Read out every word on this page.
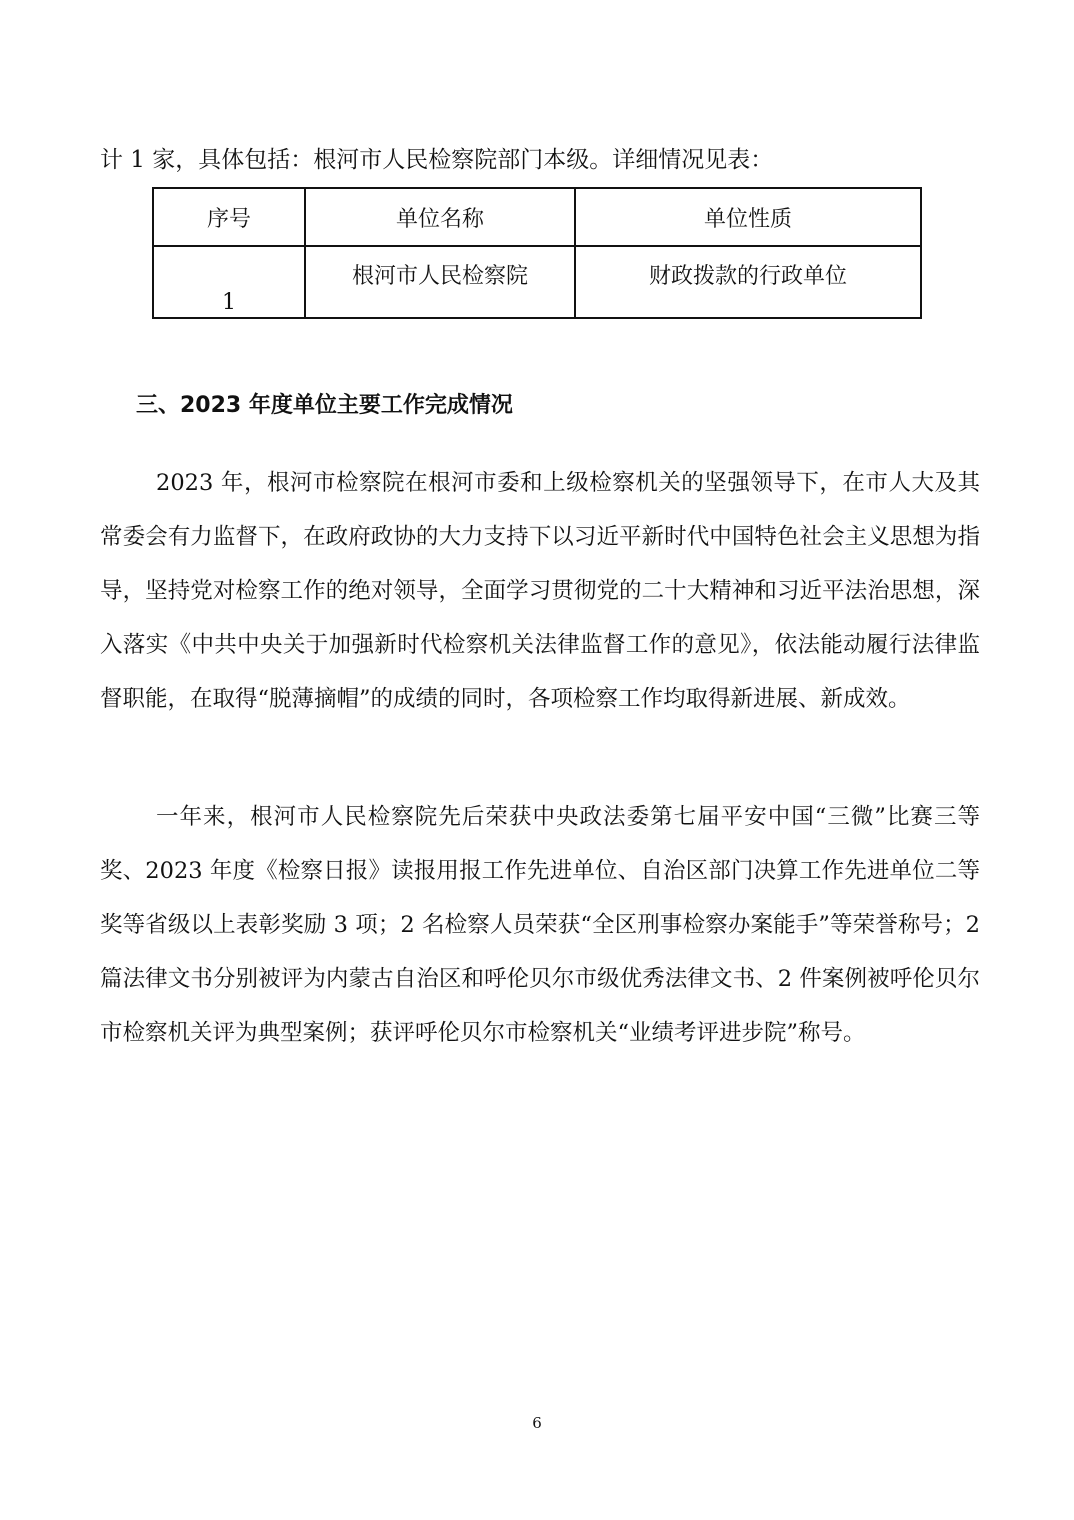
计 1 家，具体包括：根河市人民检察院部门本级。详细情况见表：
序号	单位名称	单位性质
1	根河市人民检察院	财政拨款的行政单位
三、2023 年度单位主要工作完成情况

2023 年，根河市检察院在根河市委和上级检察机关的坚强领导下，在市人大及其常委会有力监督下，在政府政协的大力支持下以习近平新时代中国特色社会主义思想为指导，坚持党对检察工作的绝对领导，全面学习贯彻党的二十大精神和习近平法治思想，深入落实《中共中央关于加强新时代检察机关法律监督工作的意见》，依法能动履行法律监督职能，在取得“脱薄摘帽”的成绩的同时，各项检察工作均取得新进展、新成效。

一年来，根河市人民检察院先后荣获中央政法委第七届平安中国“三微”比赛三等奖、2023 年度《检察日报》读报用报工作先进单位、自治区部门决算工作先进单位二等奖等省级以上表彰奖励 3 项；2 名检察人员荣获“全区刑事检察办案能手”等荣誉称号；2 篇法律文书分别被评为内蒙古自治区和呼伦贝尔市级优秀法律文书、2 件案例被呼伦贝尔市检察机关评为典型案例；获评呼伦贝尔市检察机关“业绩考评进步院”称号。

6
